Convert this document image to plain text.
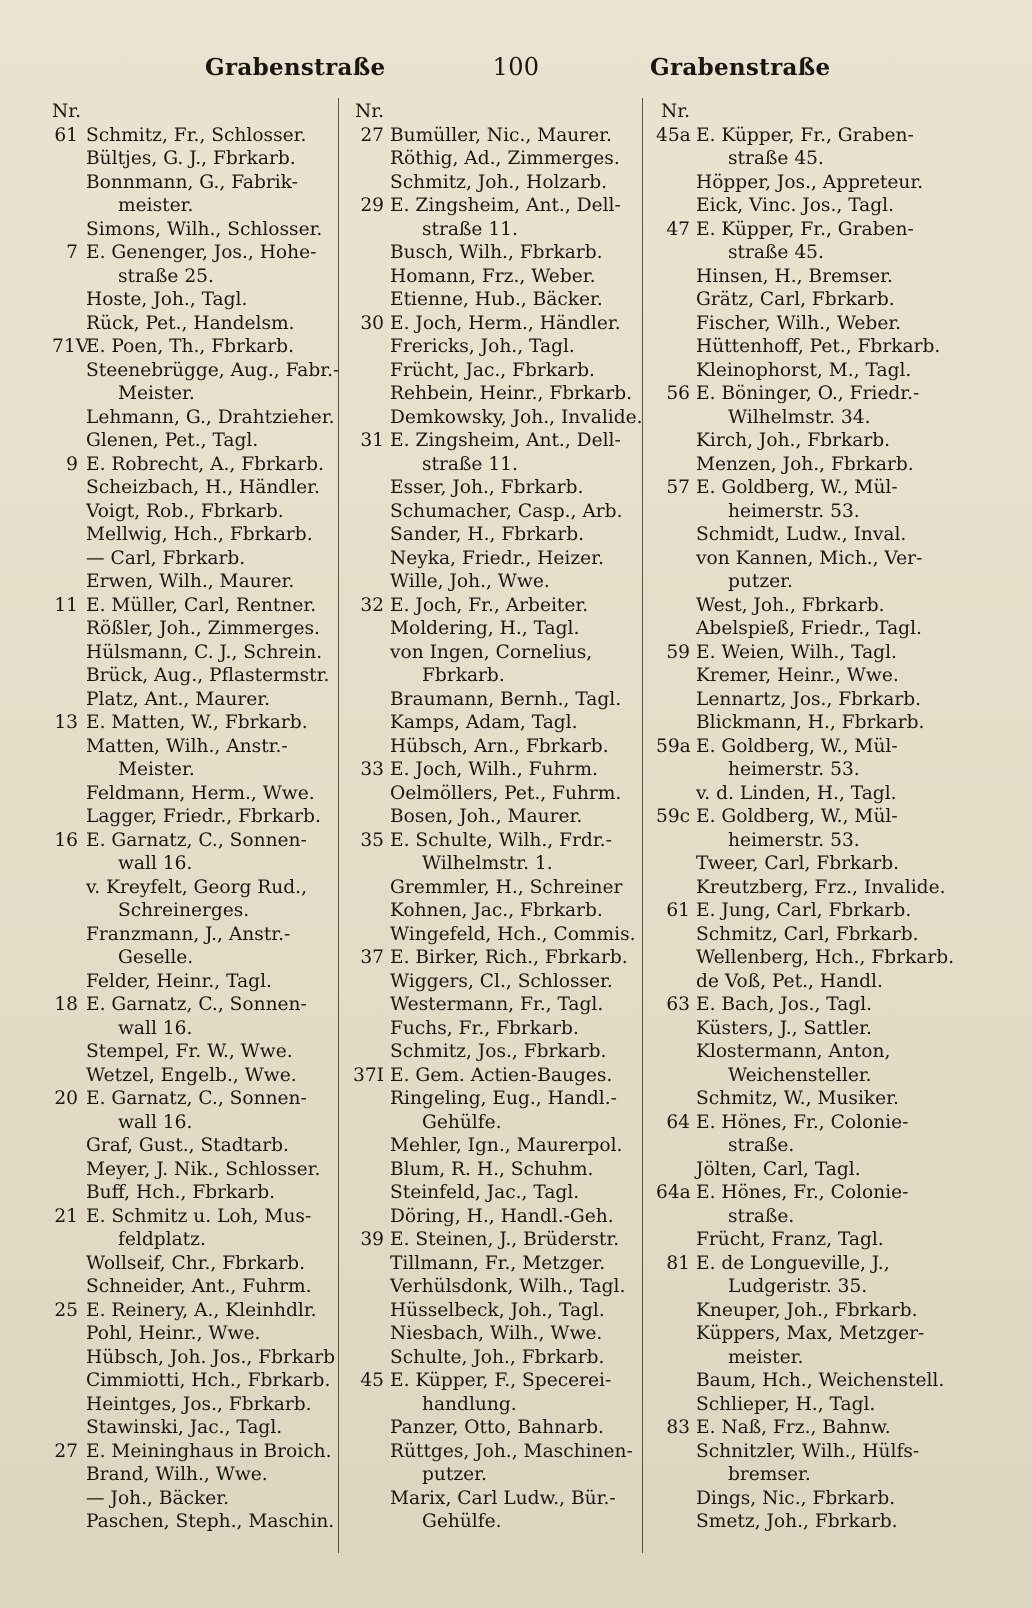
Grabenstraße	100	Grabenstraße
Nr.
61 Schmitz, Fr., Schlosser.
Bültjes, G. J., Fbrkarb.
Bonnmann, G., Fabrik-
meister.
Simons, Wilh., Schlosser.
7 E. Genenger, Jos., Hohe-
straße 25.
Hoste, Joh., Tagl.
Rück, Pet., Handelsm.
71V
E. Poen, Th., Fbrkarb.
Steenebrügge, Aug., Fabr.-
Meister.
Lehmann, G., Drahtzieher.
Glenen, Pet., Tagl.
9 E. Robrecht, A., Fbrkarb.
Scheizbach, H., Händler.
Voigt, Rob., Fbrkarb.
Mellwig, Hch., Fbrkarb.
— Carl, Fbrkarb.
Erwen, Wilh., Maurer.
11 E. Müller, Carl, Rentner.
Rößler, Joh., Zimmerges.
Hülsmann, C. J., Schrein.
Brück, Aug., Pflastermstr.
Platz, Ant., Maurer.
13 E. Matten, W., Fbrkarb.
Matten, Wilh., Anstr.-
Meister.
Feldmann, Herm., Wwe.
Lagger, Friedr., Fbrkarb.
16 E. Garnatz, C., Sonnen-
wall 16.
v. Kreyfelt, Georg Rud.,
Schreinerges.
Franzmann, J., Anstr.-
Geselle.
Felder, Heinr., Tagl.
18 E. Garnatz, C., Sonnen-
wall 16.
Stempel, Fr. W., Wwe.
Wetzel, Engelb., Wwe.
20 E. Garnatz, C., Sonnen-
wall 16.
Graf, Gust., Stadtarb.
Meyer, J. Nik., Schlosser.
Buff, Hch., Fbrkarb.
21 E. Schmitz u. Loh, Mus-
feldplatz.
Wollseif, Chr., Fbrkarb.
Schneider, Ant., Fuhrm.
25 E. Reinery, A., Kleinhdlr.
Pohl, Heinr., Wwe.
Hübsch, Joh. Jos., Fbrkarb
Cimmiotti, Hch., Fbrkarb.
Heintges, Jos., Fbrkarb.
Stawinski, Jac., Tagl.
27 E. Meininghaus in Broich.
Brand, Wilh., Wwe.
— Joh., Bäcker.
Paschen, Steph., Maschin.
Nr.
27 Bumüller, Nic., Maurer.
Röthig, Ad., Zimmerges.
Schmitz, Joh., Holzarb.
29 E. Zingsheim, Ant., Dell-
straße 11.
Busch, Wilh., Fbrkarb.
Homann, Frz., Weber.
Etienne, Hub., Bäcker.
30 E. Joch, Herm., Händler.
Frericks, Joh., Tagl.
Frücht, Jac., Fbrkarb.
Rehbein, Heinr., Fbrkarb.
Demkowsky, Joh., Invalide.
31 E. Zingsheim, Ant., Dell-
straße 11.
Esser, Joh., Fbrkarb.
Schumacher, Casp., Arb.
Sander, H., Fbrkarb.
Neyka, Friedr., Heizer.
Wille, Joh., Wwe.
32 E. Joch, Fr., Arbeiter.
Moldering, H., Tagl.
von Ingen, Cornelius,
Fbrkarb.
Braumann, Bernh., Tagl.
Kamps, Adam, Tagl.
Hübsch, Arn., Fbrkarb.
33 E. Joch, Wilh., Fuhrm.
Oelmöllers, Pet., Fuhrm.
Bosen, Joh., Maurer.
35 E. Schulte, Wilh., Frdr.-
Wilhelmstr. 1.
Gremmler, H., Schreiner
Kohnen, Jac., Fbrkarb.
Wingefeld, Hch., Commis.
37 E. Birker, Rich., Fbrkarb.
Wiggers, Cl., Schlosser.
Westermann, Fr., Tagl.
Fuchs, Fr., Fbrkarb.
Schmitz, Jos., Fbrkarb.
37I E. Gem. Actien-Bauges.
Ringeling, Eug., Handl.-
Gehülfe.
Mehler, Ign., Maurerpol.
Blum, R. H., Schuhm.
Steinfeld, Jac., Tagl.
Döring, H., Handl.-Geh.
39 E. Steinen, J., Brüderstr.
Tillmann, Fr., Metzger.
Verhülsdonk, Wilh., Tagl.
Hüsselbeck, Joh., Tagl.
Niesbach, Wilh., Wwe.
Schulte, Joh., Fbrkarb.
45 E. Küpper, F., Specerei-
handlung.
Panzer, Otto, Bahnarb.
Rüttges, Joh., Maschinen-
putzer.
Marix, Carl Ludw., Bür.-
Gehülfe.
Nr.
45a E. Küpper, Fr., Graben-
straße 45.
Höpper, Jos., Appreteur.
Eick, Vinc. Jos., Tagl.
47 E. Küpper, Fr., Graben-
straße 45.
Hinsen, H., Bremser.
Grätz, Carl, Fbrkarb.
Fischer, Wilh., Weber.
Hüttenhoff, Pet., Fbrkarb.
Kleinophorst, M., Tagl.
56 E. Böninger, O., Friedr.-
Wilhelmstr. 34.
Kirch, Joh., Fbrkarb.
Menzen, Joh., Fbrkarb.
57 E. Goldberg, W., Mül-
heimerstr. 53.
Schmidt, Ludw., Inval.
von Kannen, Mich., Ver-
putzer.
West, Joh., Fbrkarb.
Abelspieß, Friedr., Tagl.
59 E. Weien, Wilh., Tagl.
Kremer, Heinr., Wwe.
Lennartz, Jos., Fbrkarb.
Blickmann, H., Fbrkarb.
59a E. Goldberg, W., Mül-
heimerstr. 53.
v. d. Linden, H., Tagl.
59c E. Goldberg, W., Mül-
heimerstr. 53.
Tweer, Carl, Fbrkarb.
Kreutzberg, Frz., Invalide.
61 E. Jung, Carl, Fbrkarb.
Schmitz, Carl, Fbrkarb.
Wellenberg, Hch., Fbrkarb.
de Voß, Pet., Handl.
63 E. Bach, Jos., Tagl.
Küsters, J., Sattler.
Klostermann, Anton,
Weichensteller.
Schmitz, W., Musiker.
64 E. Hönes, Fr., Colonie-
straße.
Jölten, Carl, Tagl.
64a E. Hönes, Fr., Colonie-
straße.
Frücht, Franz, Tagl.
81 E. de Longueville, J.,
Ludgeristr. 35.
Kneuper, Joh., Fbrkarb.
Küppers, Max, Metzger-
meister.
Baum, Hch., Weichenstell.
Schlieper, H., Tagl.
83 E. Naß, Frz., Bahnw.
Schnitzler, Wilh., Hülfs-
bremser.
Dings, Nic., Fbrkarb.
Smetz, Joh., Fbrkarb.
